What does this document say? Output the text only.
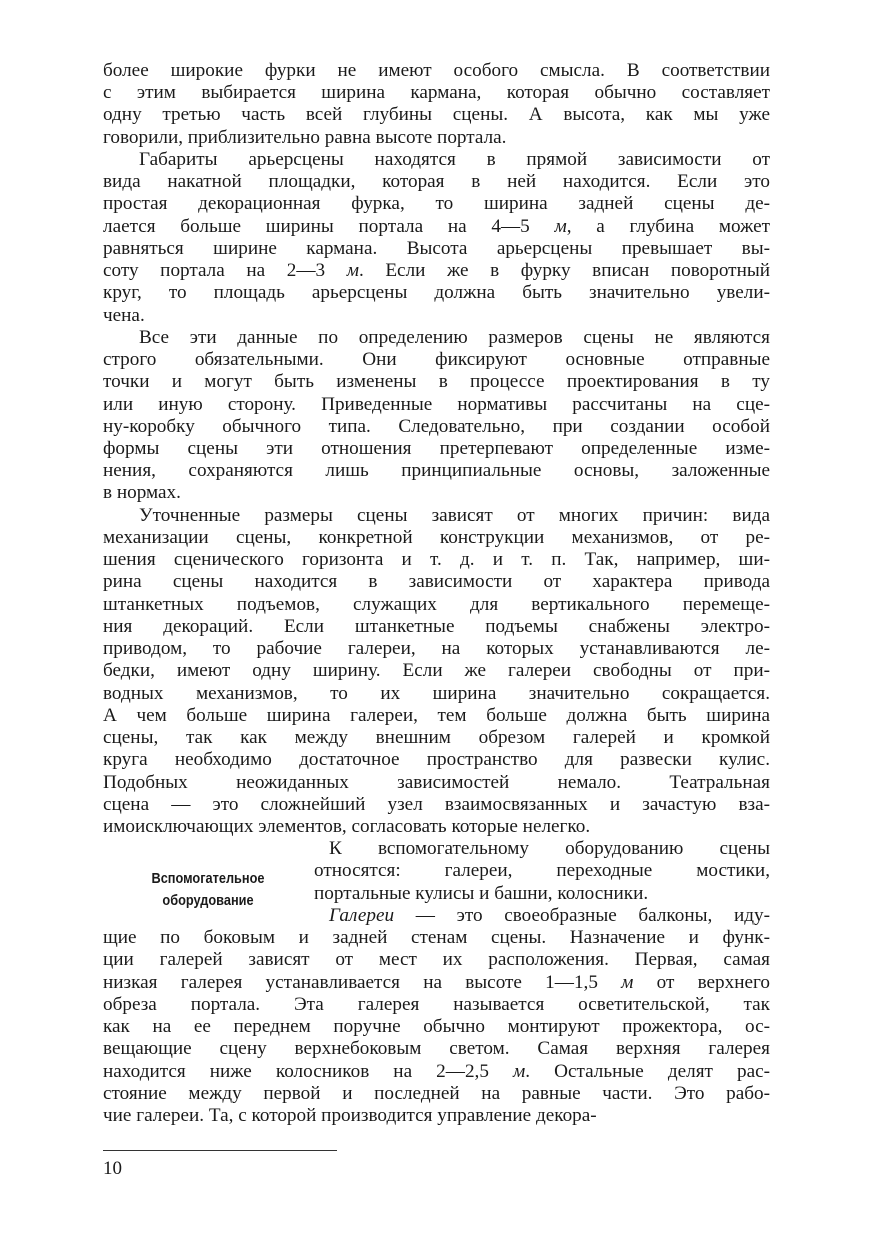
более широкие фурки не имеют особого смысла. В соответствии
с этим выбирается ширина кармана, которая обычно составляет
одну третью часть всей глубины сцены. А высота, как мы уже
говорили, приблизительно равна высоте портала.
Габариты арьерсцены находятся в прямой зависимости от
вида накатной площадки, которая в ней находится. Если это
простая декорационная фурка, то ширина задней сцены де-
лается больше ширины портала на 4—5 м, а глубина может
равняться ширине кармана. Высота арьерсцены превышает вы-
соту портала на 2—3 м. Если же в фурку вписан поворотный
круг, то площадь арьерсцены должна быть значительно увели-
чена.
Все эти данные по определению размеров сцены не являются
строго обязательными. Они фиксируют основные отправные
точки и могут быть изменены в процессе проектирования в ту
или иную сторону. Приведенные нормативы рассчитаны на сце-
ну-коробку обычного типа. Следовательно, при создании особой
формы сцены эти отношения претерпевают определенные изме-
нения, сохраняются лишь принципиальные основы, заложенные
в нормах.
Уточненные размеры сцены зависят от многих причин: вида
механизации сцены, конкретной конструкции механизмов, от ре-
шения сценического горизонта и т. д. и т. п. Так, например, ши-
рина сцены находится в зависимости от характера привода
штанкетных подъемов, служащих для вертикального перемеще-
ния декораций. Если штанкетные подъемы снабжены электро-
приводом, то рабочие галереи, на которых устанавливаются ле-
бедки, имеют одну ширину. Если же галереи свободны от при-
водных механизмов, то их ширина значительно сокращается.
А чем больше ширина галереи, тем больше должна быть ширина
сцены, так как между внешним обрезом галерей и кромкой
круга необходимо достаточное пространство для развески кулис.
Подобных неожиданных зависимостей немало. Театральная
сцена — это сложнейший узел взаимосвязанных и зачастую вза-
имоисключающих элементов, согласовать которые нелегко.
К вспомогательному оборудованию сцены
относятся: галереи, переходные мостики,
портальные кулисы и башни, колосники.
Галереи — это своеобразные балконы, иду-
щие по боковым и задней стенам сцены. Назначение и функ-
ции галерей зависят от мест их расположения. Первая, самая
низкая галерея устанавливается на высоте 1—1,5 м от верхнего
обреза портала. Эта галерея называется осветительской, так
как на ее переднем поручне обычно монтируют прожектора, ос-
вещающие сцену верхнебоковым светом. Самая верхняя галерея
находится ниже колосников на 2—2,5 м. Остальные делят рас-
стояние между первой и последней на равные части. Это рабо-
чие галереи. Та, с которой производится управление декора-
Вспомогательное
оборудование
10
